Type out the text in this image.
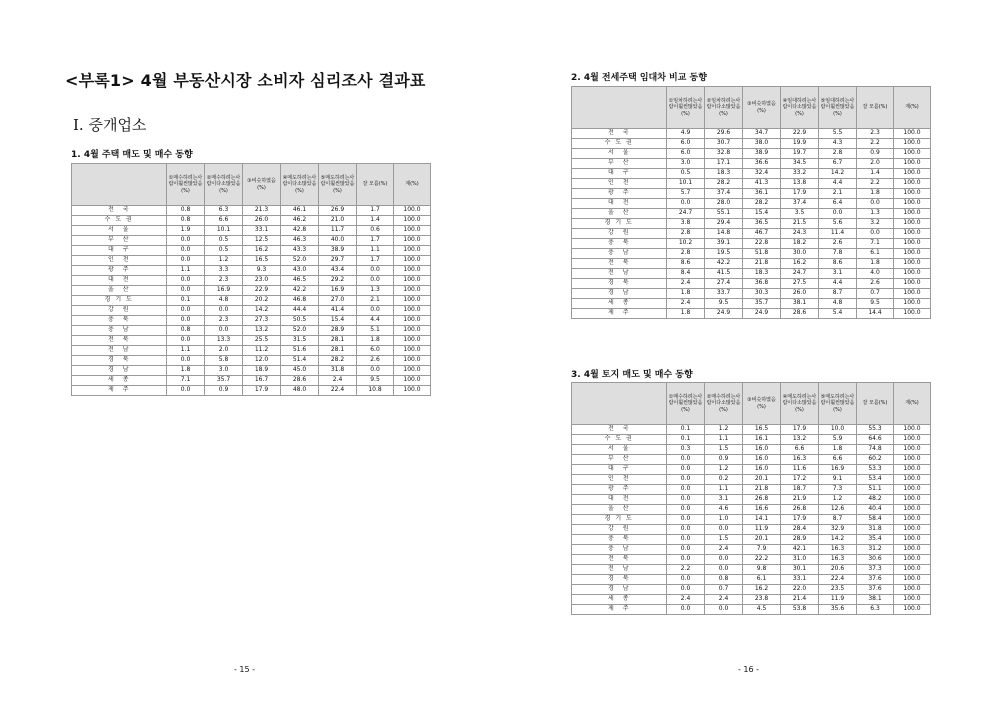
<부록1> 4월 부동산시장 소비자 심리조사 결과표
Ⅰ. 중개업소
1. 4월 주택 매도 및 매수 동향
2. 4월 전세주택 임대차 비교 동향
3. 4월 토지 매도 및 매수 동향
	①매수하려는사람이훨씬많았음(%)	②매수하려는사람이다소많았음(%)	③비슷하였음(%)	④매도하려는사람이다소많았음(%)	⑤매도하려는사람이훨씬많았음(%)	잘 모름(%)	계(%)
전　국	0.8	6.3	21.3	46.1	26.9	1.7	100.0
수 도 권	0.8	6.6	26.0	46.2	21.0	1.4	100.0
서　울	1.9	10.1	33.1	42.8	11.7	0.6	100.0
부　산	0.0	0.5	12.5	46.3	40.0	1.7	100.0
대　구	0.0	0.5	16.2	43.3	38.9	1.1	100.0
인　천	0.0	1.2	16.5	52.0	29.7	1.7	100.0
광　주	1.1	3.3	9.3	43.0	43.4	0.0	100.0
대　전	0.0	2.3	23.0	46.5	29.2	0.0	100.0
울　산	0.0	16.9	22.9	42.2	16.9	1.3	100.0
경 기 도	0.1	4.8	20.2	46.8	27.0	2.1	100.0
강　원	0.0	0.0	14.2	44.4	41.4	0.0	100.0
충　북	0.0	2.3	27.3	50.5	15.4	4.4	100.0
충　남	0.8	0.0	13.2	52.0	28.9	5.1	100.0
전　북	0.0	13.3	25.5	31.5	28.1	1.8	100.0
전　남	1.1	2.0	11.2	51.6	28.1	6.0	100.0
경　북	0.0	5.8	12.0	51.4	28.2	2.6	100.0
경　남	1.8	3.0	18.9	45.0	31.8	0.0	100.0
세　종	7.1	35.7	16.7	28.6	2.4	9.5	100.0
제　주	0.0	0.9	17.9	48.0	22.4	10.8	100.0
	①임차하려는사람이훨씬많았음(%)	②임차하려는사람이다소많았음(%)	③비슷하였음(%)	④임대하려는사람이다소많았음(%)	⑤임대하려는사람이훨씬많았음(%)	잘 모름(%)	계(%)
전　국	4.9	29.6	34.7	22.9	5.5	2.3	100.0
수 도 권	6.0	30.7	38.0	19.9	4.3	2.2	100.0
서　울	6.0	32.8	38.9	19.7	2.8	0.9	100.0
부　산	3.0	17.1	36.6	34.5	6.7	2.0	100.0
대　구	0.5	18.3	32.4	33.2	14.2	1.4	100.0
인　천	10.1	28.2	41.3	13.8	4.4	2.2	100.0
광　주	5.7	37.4	36.1	17.9	2.1	1.8	100.0
대　전	0.0	28.0	28.2	37.4	6.4	0.0	100.0
울　산	24.7	55.1	15.4	3.5	0.0	1.3	100.0
경 기 도	3.8	29.4	36.5	21.5	5.6	3.2	100.0
강　원	2.8	14.8	46.7	24.3	11.4	0.0	100.0
충　북	10.2	39.1	22.8	18.2	2.6	7.1	100.0
충　남	2.8	19.5	51.8	30.0	7.8	6.1	100.0
전　북	8.6	42.2	21.8	16.2	8.6	1.8	100.0
전　남	8.4	41.5	18.3	24.7	3.1	4.0	100.0
경　북	2.4	27.4	36.8	27.5	4.4	2.6	100.0
경　남	1.8	33.7	30.3	26.0	8.7	0.7	100.0
세　종	2.4	9.5	35.7	38.1	4.8	9.5	100.0
제　주	1.8	24.9	24.9	28.6	5.4	14.4	100.0
	①매수하려는사람이훨씬많았음(%)	②매수하려는사람이다소많았음(%)	③비슷하였음(%)	④매도하려는사람이다소많았음(%)	⑤매도하려는사람이훨씬많았음(%)	잘 모름(%)	계(%)
전　국	0.1	1.2	16.5	17.9	10.0	55.3	100.0
수 도 권	0.1	1.1	16.1	13.2	5.9	64.6	100.0
서　울	0.3	1.5	16.0	6.6	1.8	74.8	100.0
부　산	0.0	0.9	16.0	16.3	6.6	60.2	100.0
대　구	0.0	1.2	16.0	11.6	16.9	53.3	100.0
인　천	0.0	0.2	20.1	17.2	9.1	53.4	100.0
광　주	0.0	1.1	21.8	18.7	7.3	51.1	100.0
대　전	0.0	3.1	26.8	21.9	1.2	48.2	100.0
울　산	0.0	4.6	16.6	26.8	12.6	40.4	100.0
경 기 도	0.0	1.0	14.1	17.9	8.7	58.4	100.0
강　원	0.0	0.0	11.9	28.4	32.9	31.8	100.0
충　북	0.0	1.5	20.1	28.9	14.2	35.4	100.0
충　남	0.0	2.4	7.9	42.1	16.3	31.2	100.0
전　북	0.0	0.0	22.2	31.0	16.3	30.6	100.0
전　남	2.2	0.0	9.8	30.1	20.6	37.3	100.0
경　북	0.0	0.8	6.1	33.1	22.4	37.6	100.0
경　남	0.0	0.7	16.2	22.0	23.5	37.6	100.0
세　종	2.4	2.4	23.8	21.4	11.9	38.1	100.0
제　주	0.0	0.0	4.5	53.8	35.6	6.3	100.0
- 15 -	- 16 -
